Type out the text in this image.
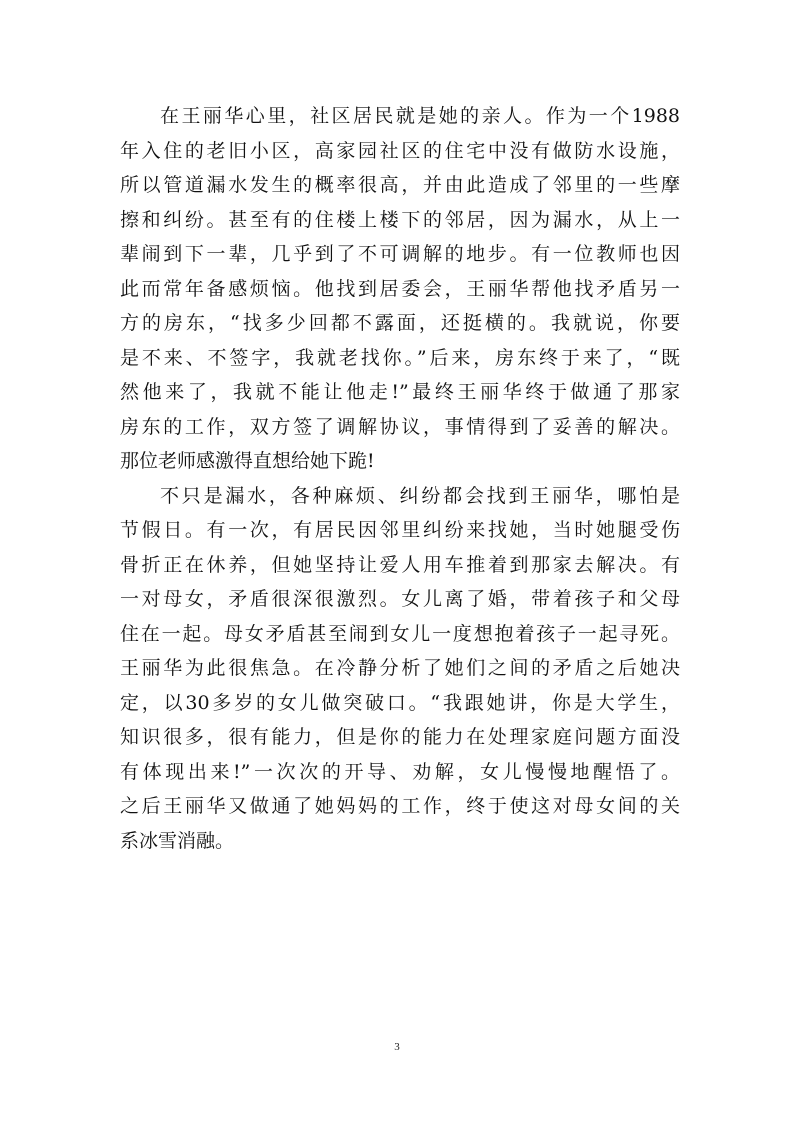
在王丽华心里，社区居民就是她的亲人。作为一个1988
年入住的老旧小区，高家园社区的住宅中没有做防水设施，
所以管道漏水发生的概率很高，并由此造成了邻里的一些摩
擦和纠纷。甚至有的住楼上楼下的邻居，因为漏水，从上一
辈闹到下一辈，几乎到了不可调解的地步。有一位教师也因
此而常年备感烦恼。他找到居委会，王丽华帮他找矛盾另一
方的房东，“找多少回都不露面，还挺横的。我就说，你要
是不来、不签字，我就老找你。”后来，房东终于来了，“既
然他来了，我就不能让他走!”最终王丽华终于做通了那家
房东的工作，双方签了调解协议，事情得到了妥善的解决。
那位老师感激得直想给她下跪!
不只是漏水，各种麻烦、纠纷都会找到王丽华，哪怕是
节假日。有一次，有居民因邻里纠纷来找她，当时她腿受伤
骨折正在休养，但她坚持让爱人用车推着到那家去解决。有
一对母女，矛盾很深很激烈。女儿离了婚，带着孩子和父母
住在一起。母女矛盾甚至闹到女儿一度想抱着孩子一起寻死。
王丽华为此很焦急。在冷静分析了她们之间的矛盾之后她决
定，以30多岁的女儿做突破口。“我跟她讲，你是大学生，
知识很多，很有能力，但是你的能力在处理家庭问题方面没
有体现出来!”一次次的开导、劝解，女儿慢慢地醒悟了。
之后王丽华又做通了她妈妈的工作，终于使这对母女间的关
系冰雪消融。
3
